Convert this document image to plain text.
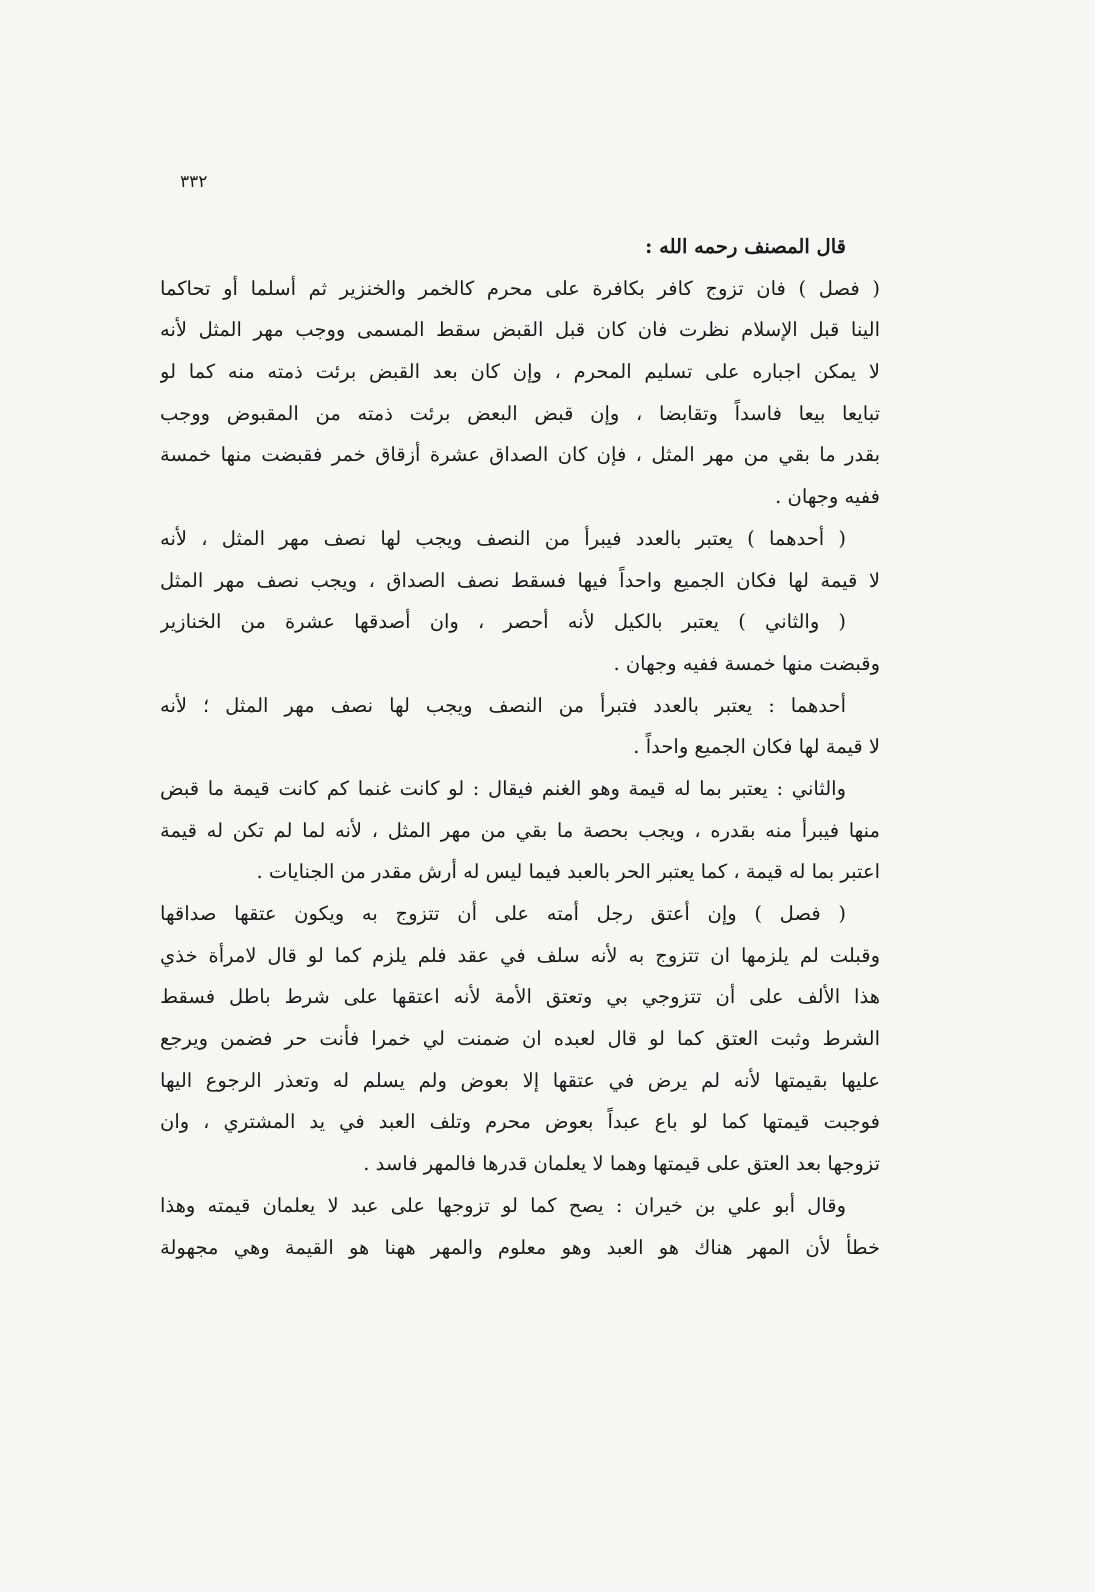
٣٣٢
قال المصنف رحمه الله :
( فصل ) فان تزوج كافر بكافرة على محرم كالخمر والخنزير ثم أسلما أو تحاكما
الينا قبل الإسلام نظرت فان كان قبل القبض سقط المسمى ووجب مهر المثل لأنه
لا يمكن اجباره على تسليم المحرم ، وإن كان بعد القبض برئت ذمته منه كما لو
تبايعا بيعا فاسداً وتقابضا ، وإن قبض البعض برئت ذمته من المقبوض ووجب
بقدر ما بقي من مهر المثل ، فإن كان الصداق عشرة أزقاق خمر فقبضت منها خمسة
ففيه وجهان .
( أحدهما ) يعتبر بالعدد فيبرأ من النصف ويجب لها نصف مهر المثل ، لأنه
لا قيمة لها فكان الجميع واحداً فيها فسقط نصف الصداق ، ويجب نصف مهر المثل
( والثاني ) يعتبر بالكيل لأنه أحصر ، وان أصدقها عشرة من الخنازير
وقبضت منها خمسة ففيه وجهان .
أحدهما : يعتبر بالعدد فتبرأ من النصف ويجب لها نصف مهر المثل ؛ لأنه
لا قيمة لها فكان الجميع واحداً .
والثاني : يعتبر بما له قيمة وهو الغنم فيقال : لو كانت غنما كم كانت قيمة ما قبض
منها فيبرأ منه بقدره ، ويجب بحصة ما بقي من مهر المثل ، لأنه لما لم تكن له قيمة
اعتبر بما له قيمة ، كما يعتبر الحر بالعبد فيما ليس له أرش مقدر من الجنايات .
( فصل ) وإن أعتق رجل أمته على أن تتزوج به ويكون عتقها صداقها
وقبلت لم يلزمها ان تتزوج به لأنه سلف في عقد فلم يلزم كما لو قال لامرأة خذي
هذا الألف على أن تتزوجي بي وتعتق الأمة لأنه اعتقها على شرط باطل فسقط
الشرط وثبت العتق كما لو قال لعبده ان ضمنت لي خمرا فأنت حر فضمن ويرجع
عليها بقيمتها لأنه لم يرض في عتقها إلا بعوض ولم يسلم له وتعذر الرجوع اليها
فوجبت قيمتها كما لو باع عبداً بعوض محرم وتلف العبد في يد المشتري ، وان
تزوجها بعد العتق على قيمتها وهما لا يعلمان قدرها فالمهر فاسد .
وقال أبو علي بن خيران : يصح كما لو تزوجها على عبد لا يعلمان قيمته وهذا
خطأ لأن المهر هناك هو العبد وهو معلوم والمهر ههنا هو القيمة وهي مجهولة
